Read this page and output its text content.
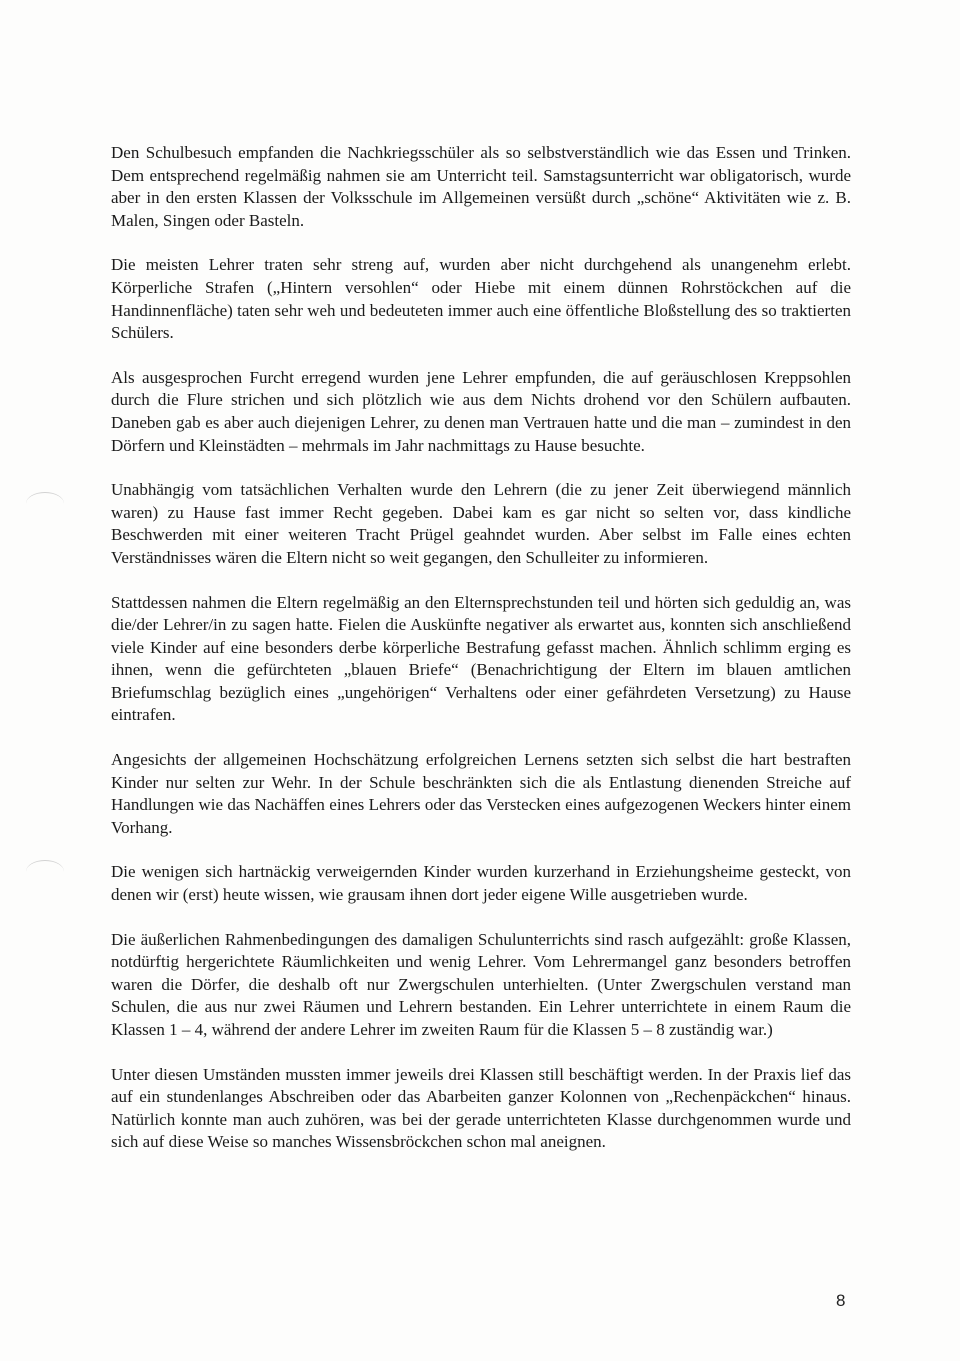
Den Schulbesuch empfanden die Nachkriegsschüler als so selbstverständlich wie das Essen und Trinken. Dem entsprechend regelmäßig nahmen sie am Unterricht teil. Samstagsunterricht war obligatorisch, wurde aber in den ersten Klassen der Volksschule im Allgemeinen versüßt durch „schöne“ Aktivitäten wie z. B. Malen, Singen oder Basteln.

Die meisten Lehrer traten sehr streng auf, wurden aber nicht durchgehend als unangenehm erlebt. Körperliche Strafen („Hintern versohlen“ oder Hiebe mit einem dünnen Rohrstöckchen auf die Handinnenfläche) taten sehr weh und bedeuteten immer auch eine öffentliche Bloßstellung des so traktierten Schülers.

Als ausgesprochen Furcht erregend wurden jene Lehrer empfunden, die auf geräuschlosen Kreppsohlen durch die Flure strichen und sich plötzlich wie aus dem Nichts drohend vor den Schülern aufbauten. Daneben gab es aber auch diejenigen Lehrer, zu denen man Vertrauen hatte und die man – zumindest in den Dörfern und Kleinstädten – mehrmals im Jahr nachmittags zu Hause besuchte.

Unabhängig vom tatsächlichen Verhalten wurde den Lehrern (die zu jener Zeit überwiegend männlich waren) zu Hause fast immer Recht gegeben. Dabei kam es gar nicht so selten vor, dass kindliche Beschwerden mit einer weiteren Tracht Prügel geahndet wurden. Aber selbst im Falle eines echten Verständnisses wären die Eltern nicht so weit gegangen, den Schulleiter zu informieren.

Stattdessen nahmen die Eltern regelmäßig an den Elternsprechstunden teil und hörten sich geduldig an, was die/der Lehrer/in zu sagen hatte. Fielen die Auskünfte negativer als erwartet aus, konnten sich anschließend viele Kinder auf eine besonders derbe körperliche Bestrafung gefasst machen. Ähnlich schlimm erging es ihnen, wenn die gefürchteten „blauen Briefe“ (Benachrichtigung der Eltern im blauen amtlichen Briefumschlag bezüglich eines „ungehörigen“ Verhaltens oder einer gefährdeten Versetzung) zu Hause eintrafen.

Angesichts der allgemeinen Hochschätzung erfolgreichen Lernens setzten sich selbst die hart bestraften Kinder nur selten zur Wehr. In der Schule beschränkten sich die als Entlastung dienenden Streiche auf Handlungen wie das Nachäffen eines Lehrers oder das Verstecken eines aufgezogenen Weckers hinter einem Vorhang.

Die wenigen sich hartnäckig verweigernden Kinder wurden kurzerhand in Erziehungsheime gesteckt, von denen wir (erst) heute wissen, wie grausam ihnen dort jeder eigene Wille ausgetrieben wurde.

Die äußerlichen Rahmenbedingungen des damaligen Schulunterrichts sind rasch aufgezählt: große Klassen, notdürftig hergerichtete Räumlichkeiten und wenig Lehrer. Vom Lehrermangel ganz besonders betroffen waren die Dörfer, die deshalb oft nur Zwergschulen unterhielten. (Unter Zwergschulen verstand man Schulen, die aus nur zwei Räumen und Lehrern bestanden. Ein Lehrer unterrichtete in einem Raum die Klassen 1 – 4, während der andere Lehrer im zweiten Raum für die Klassen 5 – 8 zuständig war.)

Unter diesen Umständen mussten immer jeweils drei Klassen still beschäftigt werden. In der Praxis lief das auf ein stundenlanges Abschreiben oder das Abarbeiten ganzer Kolonnen von „Rechenpäckchen“ hinaus. Natürlich konnte man auch zuhören, was bei der gerade unterrichteten Klasse durchgenommen wurde und sich auf diese Weise so manches Wissensbröckchen schon mal aneignen.

8
